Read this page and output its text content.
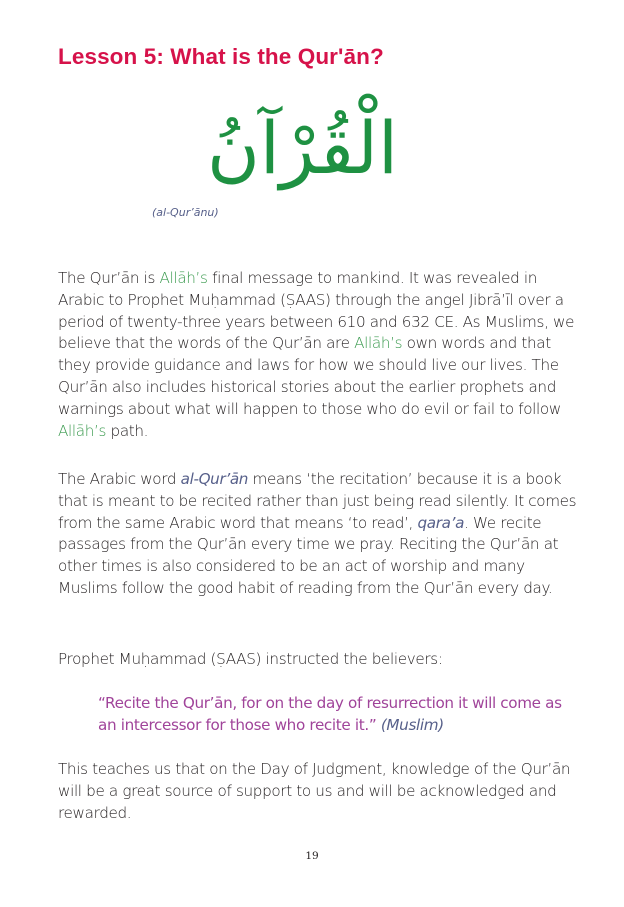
Lesson 5: What is the Qur'ān?
الْقُرْآنُ
(al-Qur’ānu)

The Qur’ān is Allāh’s final message to mankind. It was revealed in Arabic to Prophet Muḥammad (ṢAAS) through the angel Jibrā’īl over a period of twenty-three years between 610 and 632 CE. As Muslims, we believe that the words of the Qur’ān are Allāh’s own words and that they provide guidance and laws for how we should live our lives. The Qur’ān also includes historical stories about the earlier prophets and warnings about what will happen to those who do evil or fail to follow Allāh’s path.

The Arabic word al-Qur’ān means ‘the recitation’ because it is a book that is meant to be recited rather than just being read silently. It comes from the same Arabic word that means ‘to read’, qara’a. We recite passages from the Qur’ān every time we pray. Reciting the Qur’ān at other times is also considered to be an act of worship and many Muslims follow the good habit of reading from the Qur’ān every day.

Prophet Muḥammad (ṢAAS) instructed the believers:

“Recite the Qur’ān, for on the day of resurrection it will come as an intercessor for those who recite it.” (Muslim)

This teaches us that on the Day of Judgment, knowledge of the Qur’ān will be a great source of support to us and will be acknowledged and rewarded.

19
